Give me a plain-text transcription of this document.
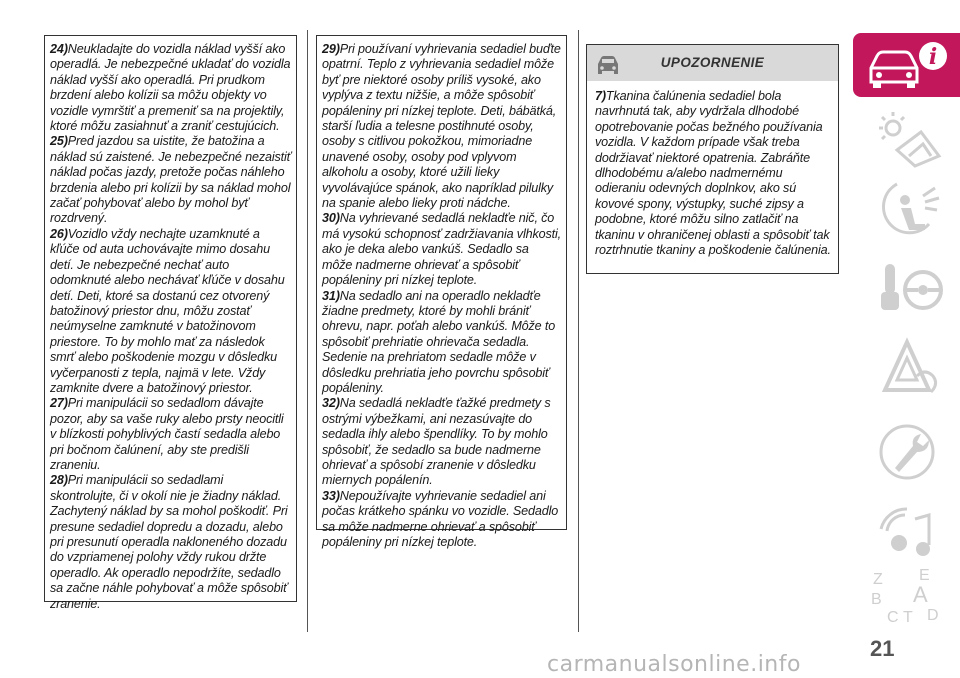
24)Neukladajte do vozidla náklad vyšší ako operadlá. Je nebezpečné ukladať do vozidla náklad vyšší ako operadlá. Pri prudkom brzdení alebo kolízii sa môžu objekty vo vozidle vymrštiť a premeniť sa na projektily, ktoré môžu zasiahnuť a zraniť cestujúcich.

25)Pred jazdou sa uistite, že batožina a náklad sú zaistené. Je nebezpečné nezaistiť náklad počas jazdy, pretože počas náhleho brzdenia alebo pri kolízii by sa náklad mohol začať pohybovať alebo by mohol byť rozdrvený.

26)Vozidlo vždy nechajte uzamknuté a kľúče od auta uchovávajte mimo dosahu detí. Je nebezpečné nechať auto odomknuté alebo nechávať kľúče v dosahu detí. Deti, ktoré sa dostanú cez otvorený batožinový priestor dnu, môžu zostať neúmyselne zamknuté v batožinovom priestore. To by mohlo mať za následok smrť alebo poškodenie mozgu v dôsledku vyčerpanosti z tepla, najmä v lete. Vždy zamknite dvere a batožinový priestor.

27)Pri manipulácii so sedadlom dávajte pozor, aby sa vaše ruky alebo prsty neocitli v blízkosti pohyblivých častí sedadla alebo pri bočnom čalúnení, aby ste predišli zraneniu.

28)Pri manipulácii so sedadlami skontrolujte, či v okolí nie je žiadny náklad. Zachytený náklad by sa mohol poškodiť. Pri presune sedadiel dopredu a dozadu, alebo pri presunutí operadla nakloneného dozadu do vzpriamenej polohy vždy rukou držte operadlo. Ak operadlo nepodržíte, sedadlo sa začne náhle pohybovať a môže spôsobiť zranenie.

29)Pri používaní vyhrievania sedadiel buďte opatrní. Teplo z vyhrievania sedadiel môže byť pre niektoré osoby príliš vysoké, ako vyplýva z textu nižšie, a môže spôsobiť popáleniny pri nízkej teplote. Deti, bábätká, starší ľudia a telesne postihnuté osoby, osoby s citlivou pokožkou, mimoriadne unavené osoby, osoby pod vplyvom alkoholu a osoby, ktoré užili lieky vyvolávajúce spánok, ako napríklad pilulky na spanie alebo lieky proti nádche.

30)Na vyhrievané sedadlá nekladťe nič, čo má vysokú schopnosť zadržiavania vlhkosti, ako je deka alebo vankúš. Sedadlo sa môže nadmerne ohrievať a spôsobiť popáleniny pri nízkej teplote.

31)Na sedadlo ani na operadlo nekladťe žiadne predmety, ktoré by mohli brániť ohrevu, napr. poťah alebo vankúš. Môže to spôsobiť prehriatie ohrievača sedadla. Sedenie na prehriatom sedadle môže v dôsledku prehriatia jeho povrchu spôsobiť popáleniny.

32)Na sedadlá nekladťe ťažké predmety s ostrými výbežkami, ani nezasúvajte do sedadla ihly alebo špendlíky. To by mohlo spôsobiť, že sedadlo sa bude nadmerne ohrievať a spôsobí zranenie v dôsledku miernych popálenín.

33)Nepoužívajte vyhrievanie sedadiel ani počas krátkeho spánku vo vozidle. Sedadlo sa môže nadmerne ohrievať a spôsobiť popáleniny pri nízkej teplote.

UPOZORNENIE

7)Tkanina čalúnenia sedadiel bola navrhnutá tak, aby vydržala dlhodobé opotrebovanie počas bežného používania vozidla. V každom prípade však treba dodržiavať niektoré opatrenia. Zabráňte dlhodobému a/alebo nadmernému odieraniu odevných doplnkov, ako sú kovové spony, výstupky, suché zipsy a podobne, ktoré môžu silno zatlačiť na tkaninu v ohraničenej oblasti a spôsobiť tak roztrhnutie tkaniny a poškodenie čalúnenia.

i
Z E
B A
C T D
21
carmanualsonline.info
